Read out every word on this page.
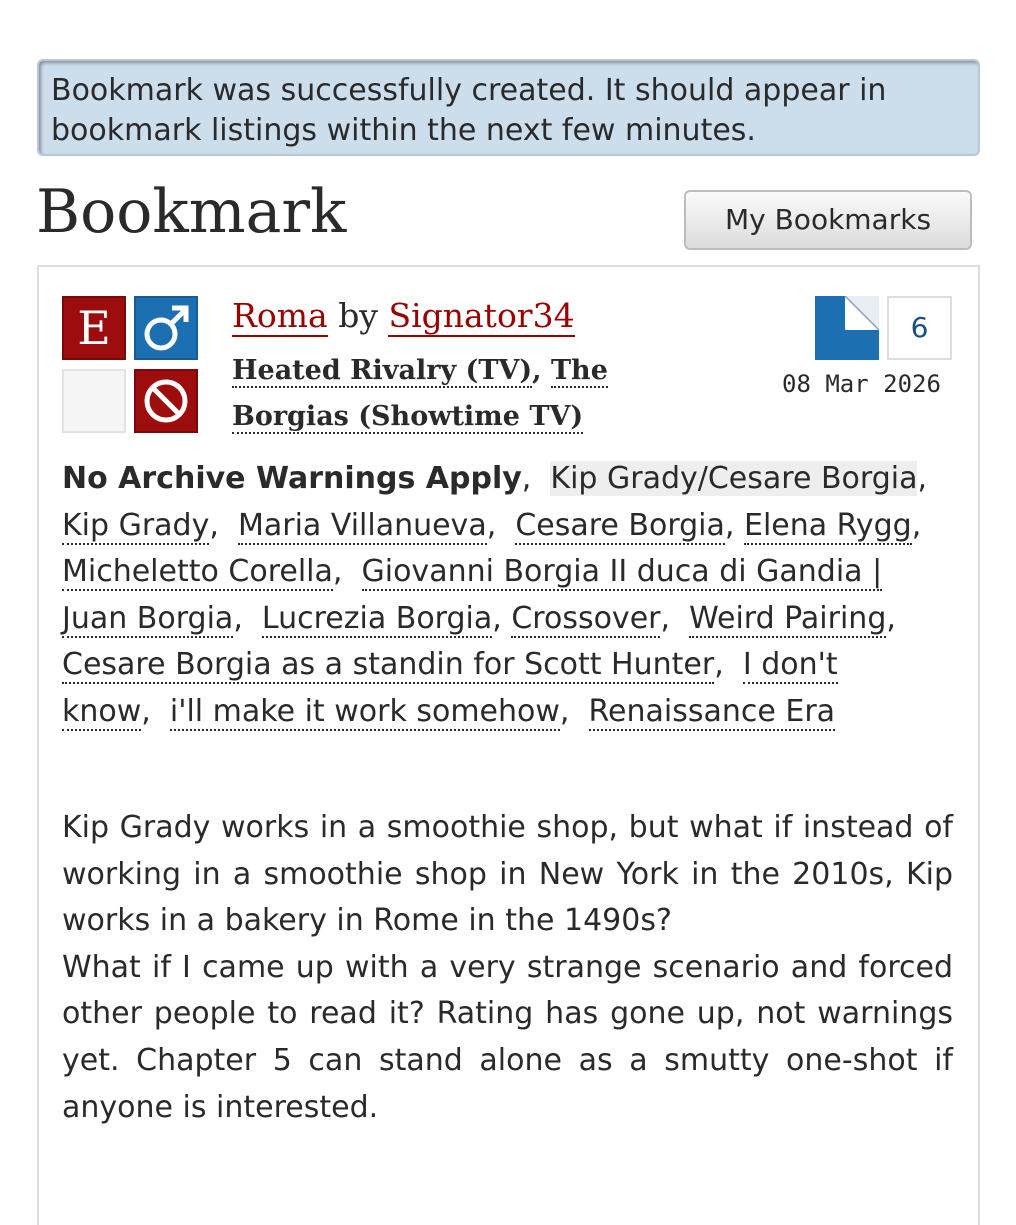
Bookmark was successfully created. It should appear in bookmark listings within the next few minutes.
Bookmark	My Bookmarks
E	Roma by Signator34
Heated Rivalry (TV), The Borgias (Showtime TV)
6
08 Mar 2026
No Archive Warnings Apply,  Kip Grady/Cesare Borgia,  Kip Grady,  Maria Villanueva,  Cesare Borgia, Elena Rygg,  Micheletto Corella,  Giovanni Borgia II duca di Gandia | Juan Borgia,  Lucrezia Borgia, Crossover,  Weird Pairing,  Cesare Borgia as a standin for Scott Hunter,  I don't know,  i'll make it work somehow,  Renaissance Era

Kip Grady works in a smoothie shop, but what if instead of working in a smoothie shop in New York in the 2010s, Kip works in a bakery in Rome in the 1490s?

What if I came up with a very strange scenario and forced other people to read it? Rating has gone up, not warnings yet. Chapter 5 can stand alone as a smutty one-shot if anyone is interested.
